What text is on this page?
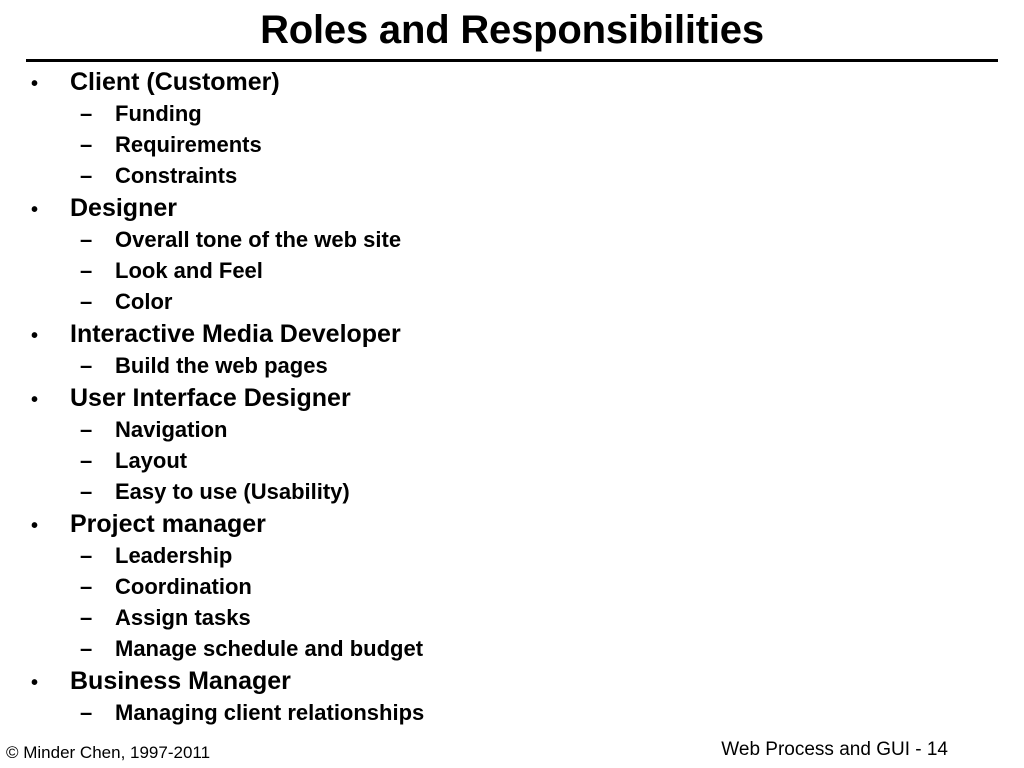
Roles and Responsibilities
•	Client (Customer)
–	Funding
–	Requirements
–	Constraints
•	Designer
–	Overall tone of the web site
–	Look and Feel
–	Color
•	Interactive Media Developer
–	Build the web pages
•	User Interface Designer
–	Navigation
–	Layout
–	Easy to use (Usability)
•	Project manager
–	Leadership
–	Coordination
–	Assign tasks
–	Manage schedule and budget
•	Business Manager
–	Managing client relationships
© Minder Chen, 1997-2011	Web Process and GUI - 14
